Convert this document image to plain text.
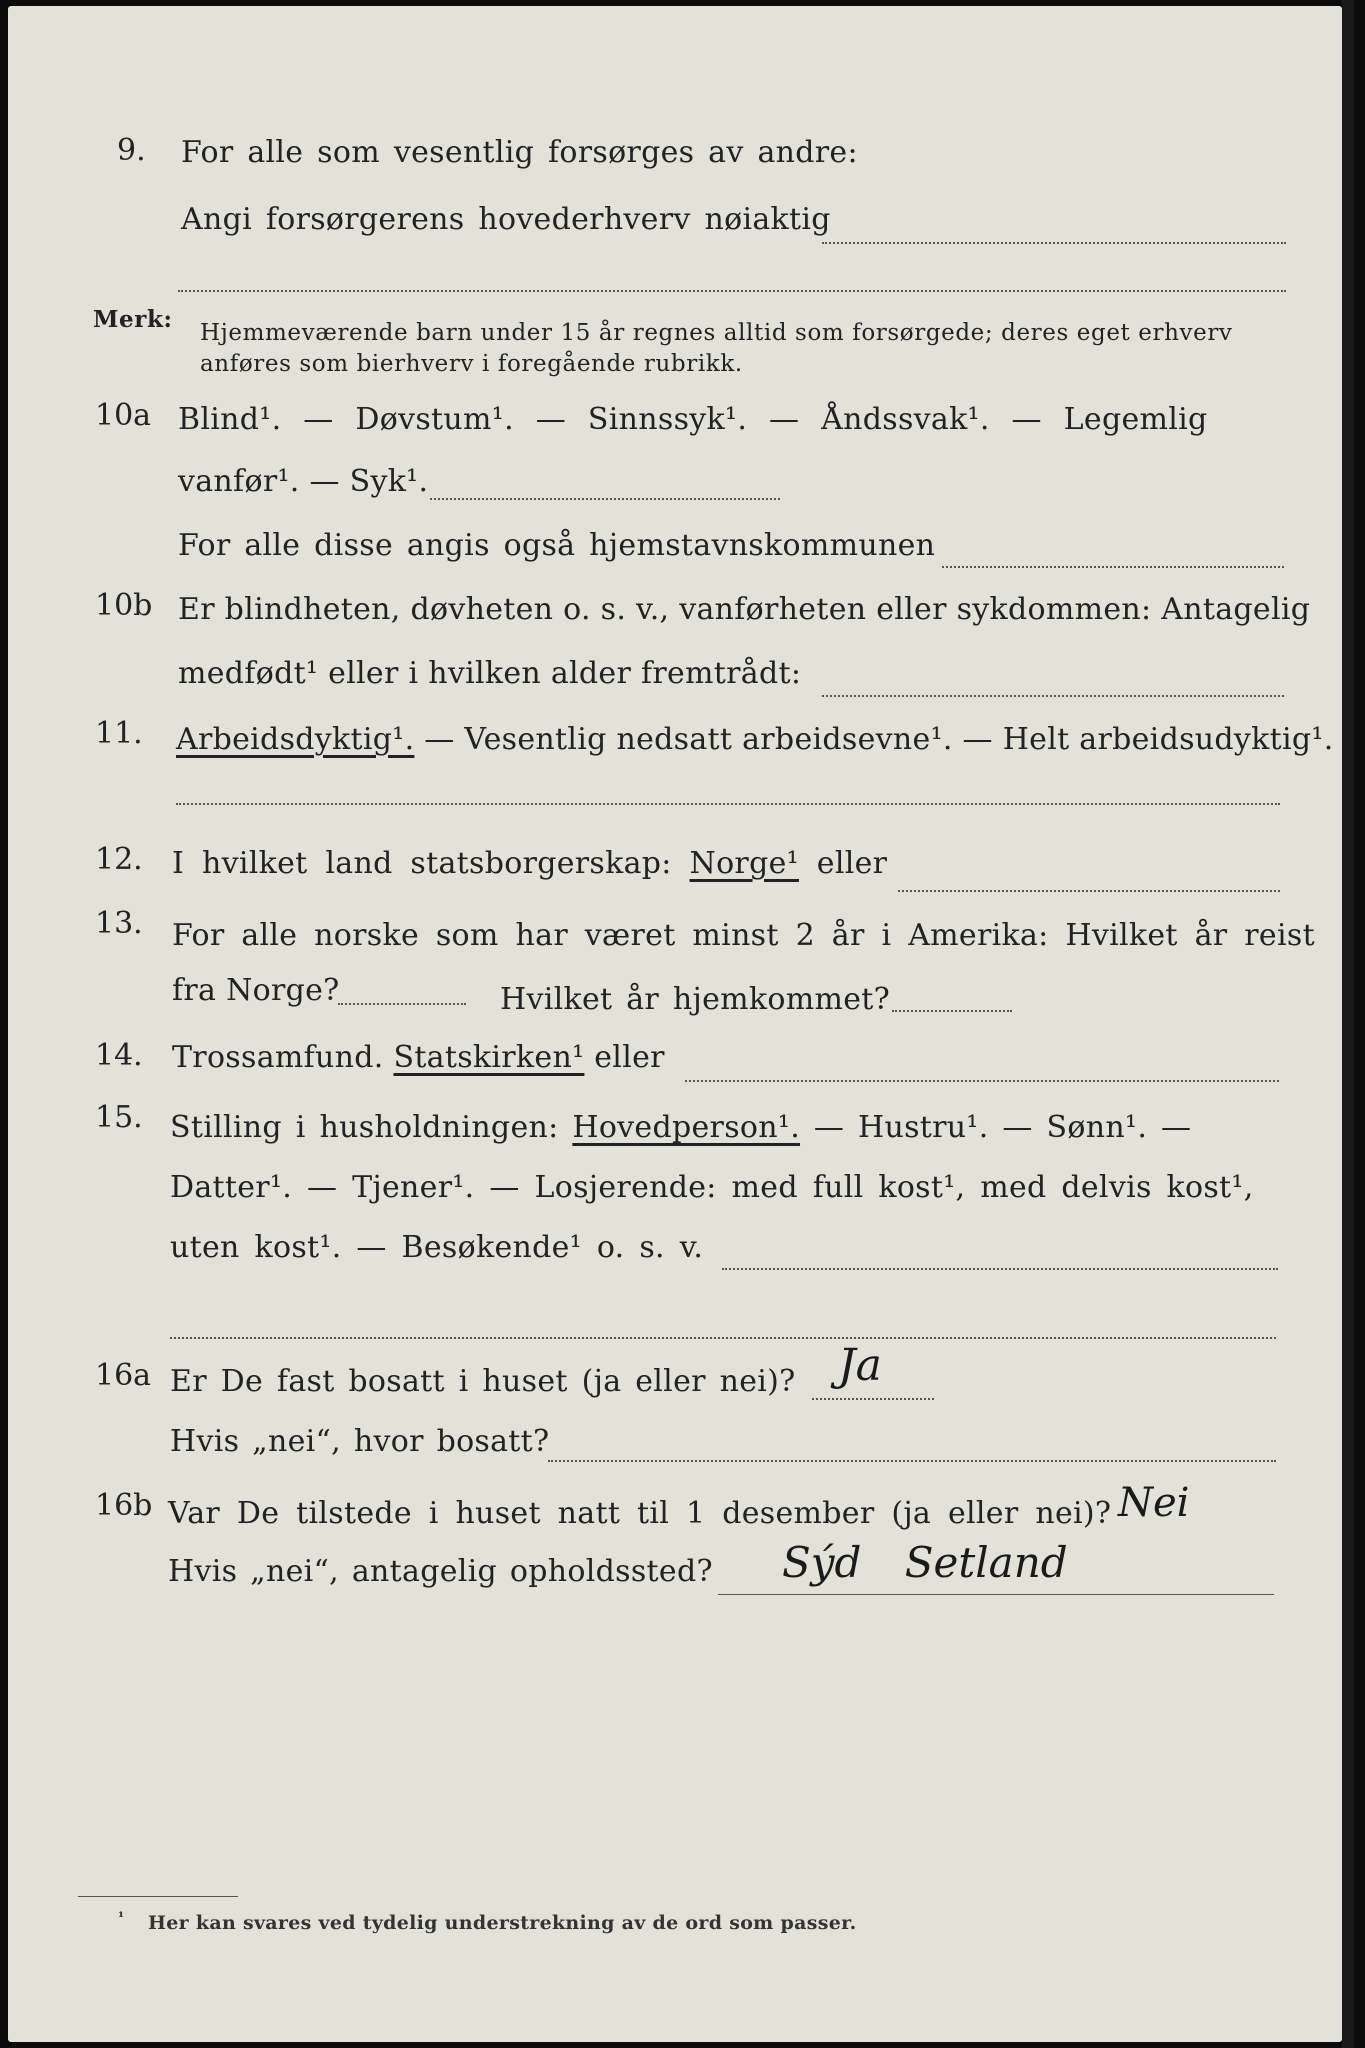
9. For alle som vesentlig forsørges av andre:
Angi forsørgerens hovederhverv nøiaktig
Merk: Hjemmeværende barn under 15 år regnes alltid som forsørgede; deres eget erhverv
anføres som bierhverv i foregående rubrikk.
10a Blind¹. — Døvstum¹. — Sinnssyk¹. — Åndssvak¹. — Legemlig
vanfør¹. — Syk¹.
For alle disse angis også hjemstavnskommunen
10b Er blindheten, døvheten o. s. v., vanførheten eller sykdommen: Antagelig
medfødt¹ eller i hvilken alder fremtrådt:
11. Arbeidsdyktig¹. — Vesentlig nedsatt arbeidsevne¹. — Helt arbeidsudyktig¹.
12. I hvilket land statsborgerskap: Norge¹ eller
13. For alle norske som har været minst 2 år i Amerika: Hvilket år reist
fra Norge?	Hvilket år hjemkommet?
14. Trossamfund. Statskirken¹ eller
15. Stilling i husholdningen: Hovedperson¹. — Hustru¹. — Sønn¹. —
Datter¹. — Tjener¹. — Losjerende: med full kost¹, med delvis kost¹,
uten kost¹. — Besøkende¹ o. s. v.
16a Er De fast bosatt i huset (ja eller nei)? Ja
Hvis „nei“, hvor bosatt?
16b Var De tilstede i huset natt til 1 desember (ja eller nei)? Nei
Hvis „nei“, antagelig opholdssted? Sýd Setland
¹ Her kan svares ved tydelig understrekning av de ord som passer.
